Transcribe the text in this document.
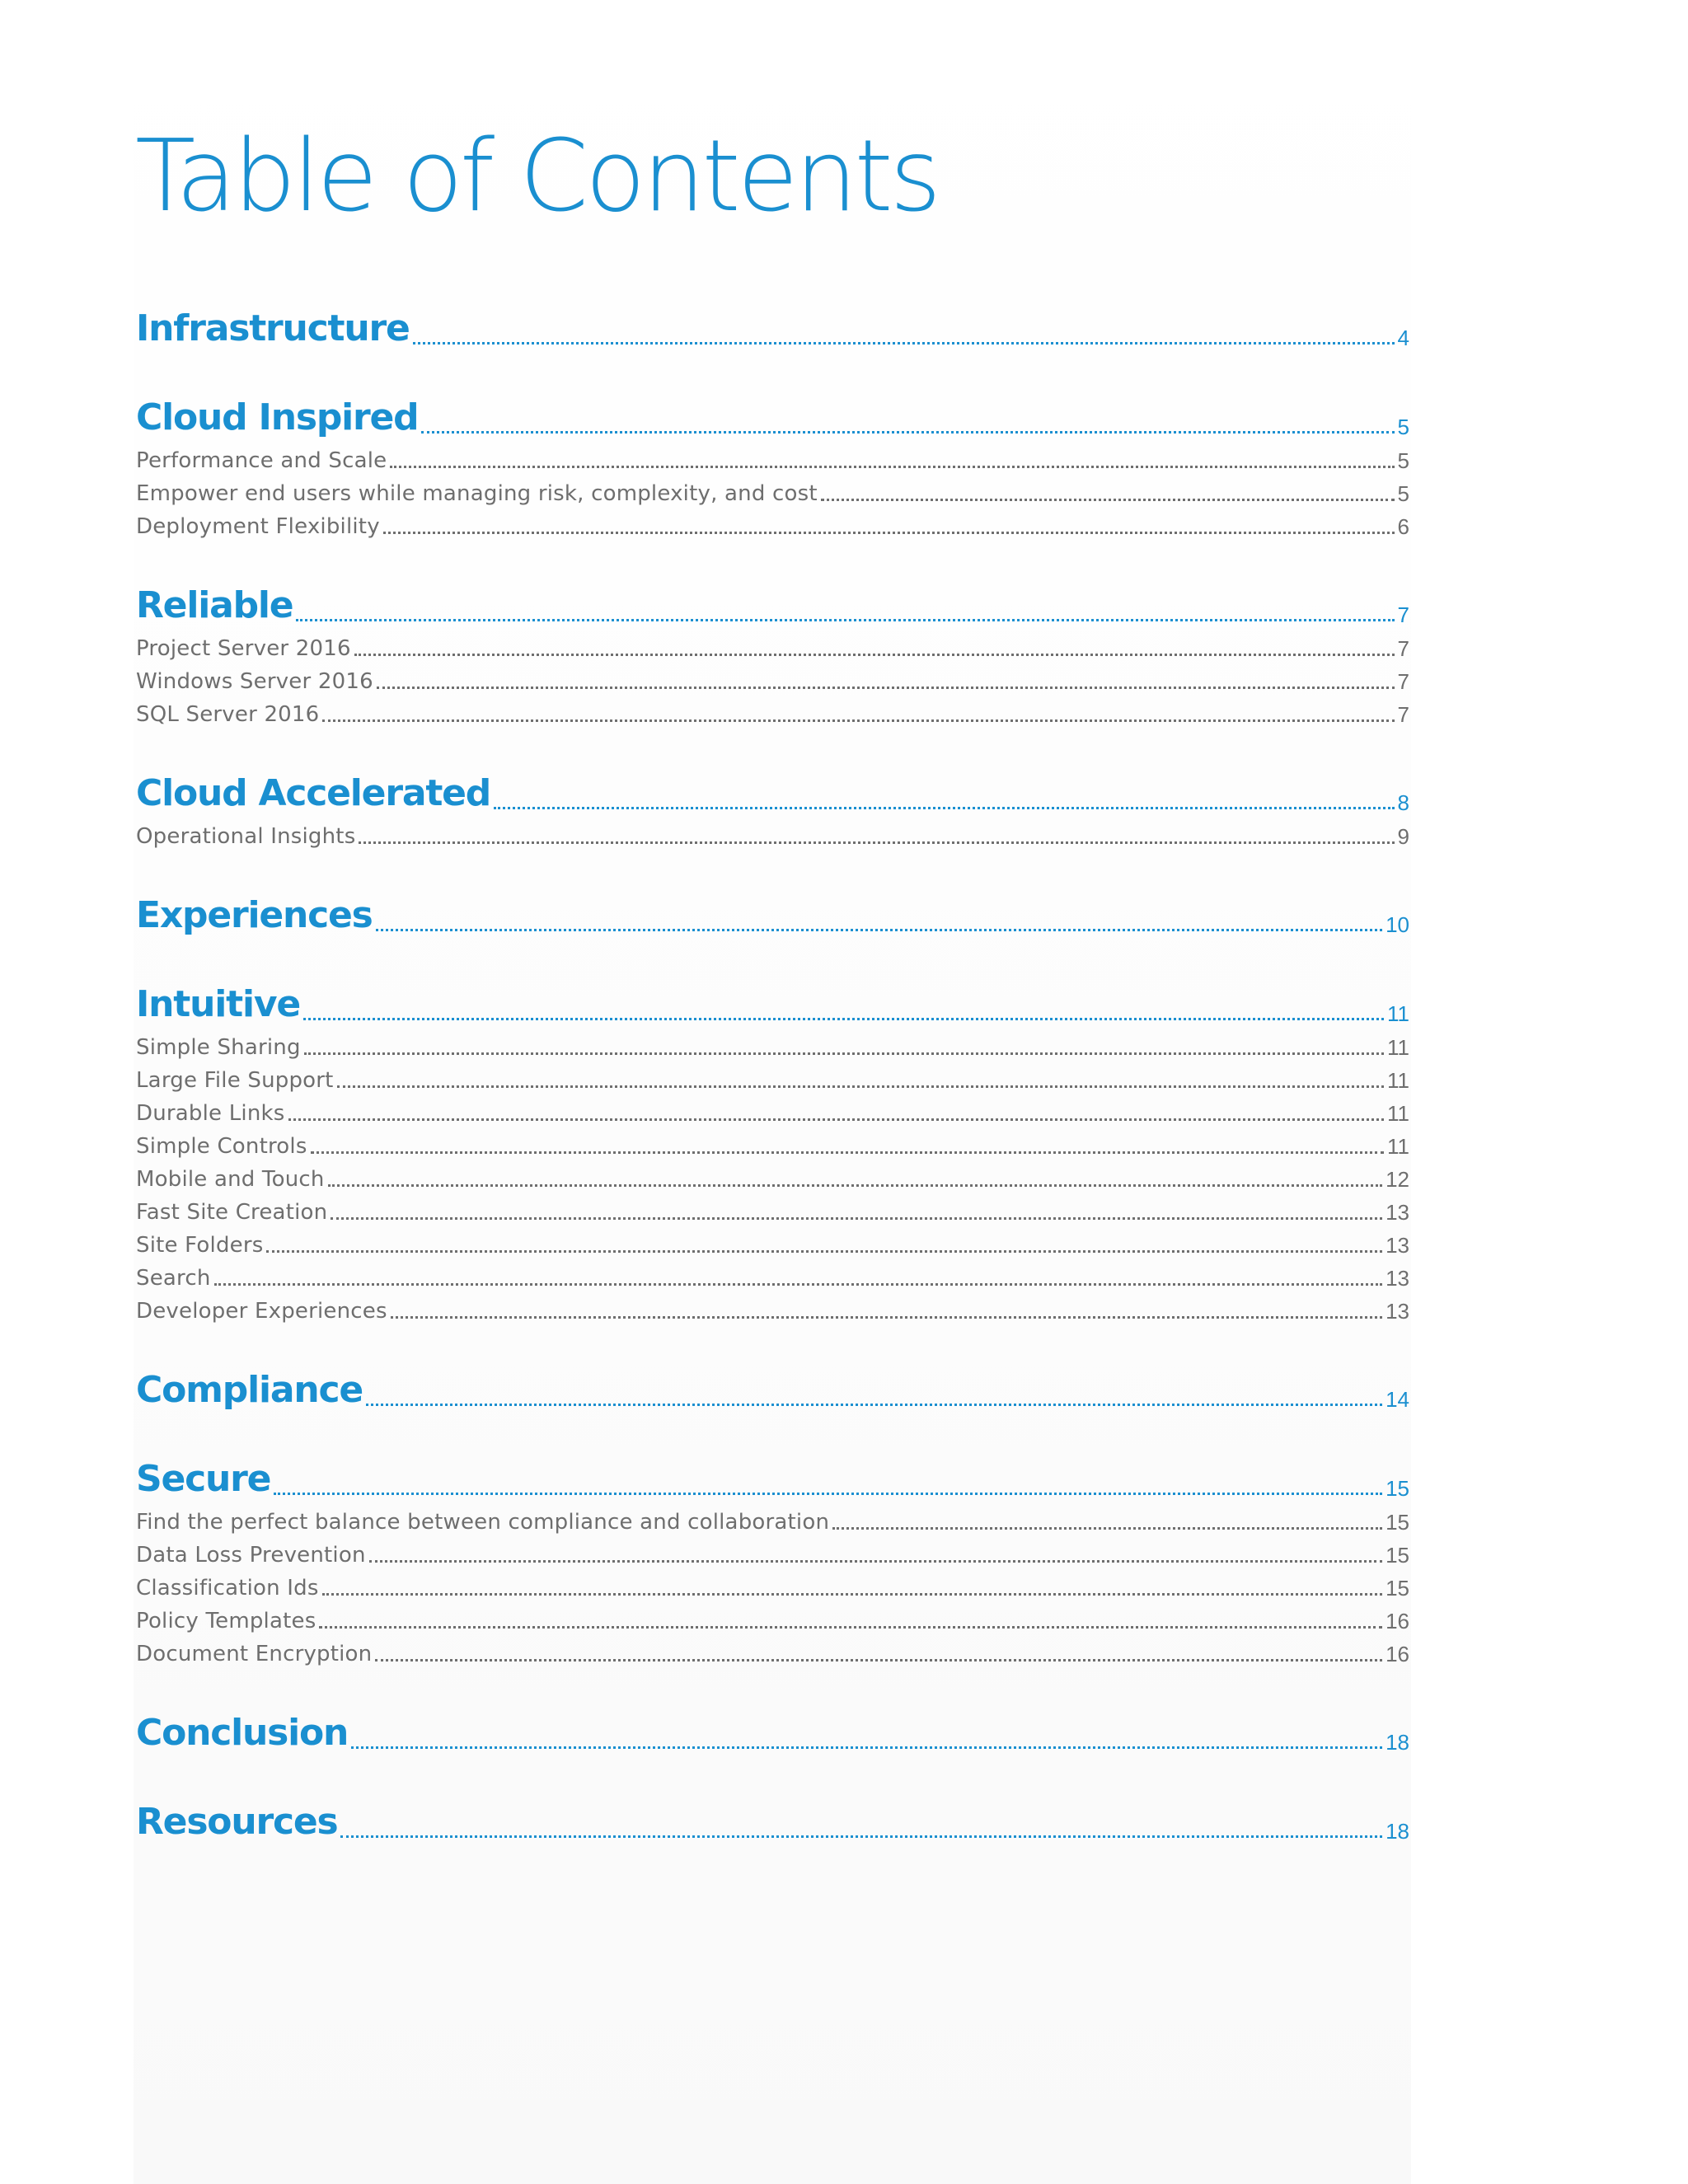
Table of Contents
Infrastructure	4
Cloud Inspired	5
Performance and Scale	5
Empower end users while managing risk, complexity, and cost	5
Deployment Flexibility	6
Reliable	7
Project Server 2016	7
Windows Server 2016	7
SQL Server 2016	7
Cloud Accelerated	8
Operational Insights	9
Experiences	10
Intuitive	11
Simple Sharing	11
Large File Support	11
Durable Links	11
Simple Controls	11
Mobile and Touch	12
Fast Site Creation	13
Site Folders	13
Search	13
Developer Experiences	13
Compliance	14
Secure	15
Find the perfect balance between compliance and collaboration	15
Data Loss Prevention	15
Classification Ids	15
Policy Templates	16
Document Encryption	16
Conclusion	18
Resources	18
